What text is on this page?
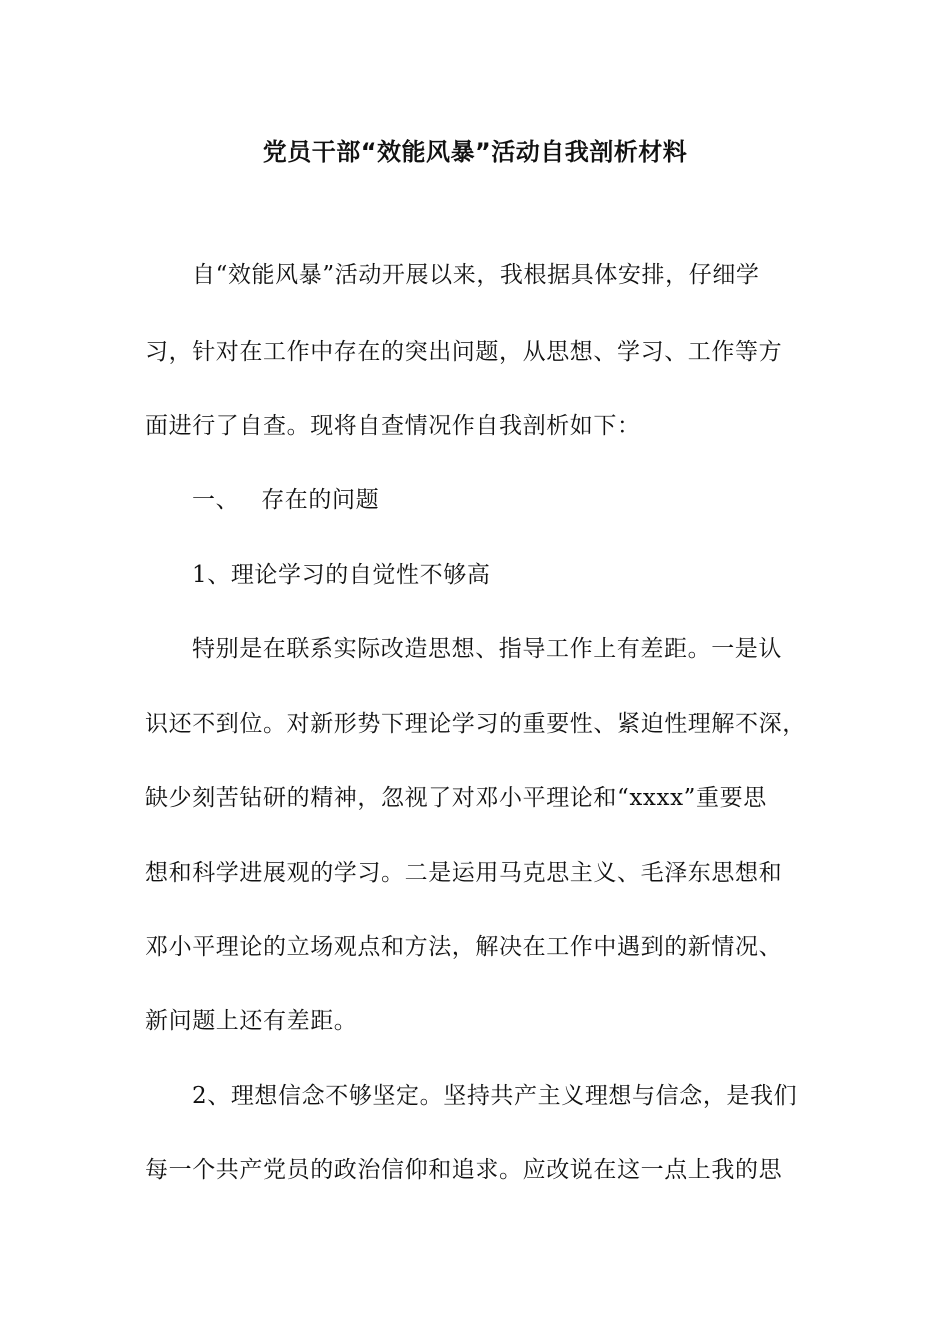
党员干部“效能风暴”活动自我剖析材料

自“效能风暴”活动开展以来，我根据具体安排，仔细学

习，针对在工作中存在的突出问题，从思想、学习、工作等方

面进行了自查。现将自查情况作自我剖析如下：

一、 存在的问题

1、理论学习的自觉性不够高

特别是在联系实际改造思想、指导工作上有差距。一是认

识还不到位。对新形势下理论学习的重要性、紧迫性理解不深，

缺少刻苦钻研的精神，忽视了对邓小平理论和“xxxx”重要思

想和科学进展观的学习。二是运用马克思主义、毛泽东思想和

邓小平理论的立场观点和方法，解决在工作中遇到的新情况、

新问题上还有差距。

2、理想信念不够坚定。坚持共产主义理想与信念，是我们

每一个共产党员的政治信仰和追求。应改说在这一点上我的思
